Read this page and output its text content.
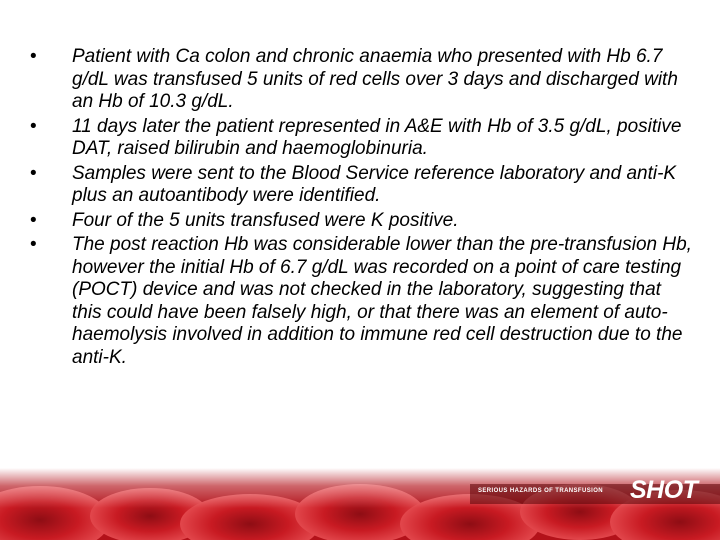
• Patient with Ca colon and chronic anaemia who presented with Hb 6.7 g/dL was transfused 5 units of red cells over 3 days and discharged with an Hb of 10.3 g/dL.
• 11 days later the patient represented in A&E with Hb of 3.5 g/dL, positive DAT, raised bilirubin and haemoglobinuria.
• Samples were sent to the Blood Service reference laboratory and anti-K plus an autoantibody were identified.
• Four of the 5 units transfused were K positive.
• The post reaction Hb was considerable lower than the pre-transfusion Hb, however the initial Hb of 6.7 g/dL was recorded on a point of care testing (POCT) device and was not checked in the laboratory, suggesting that this could have been falsely high, or that there was an element of auto-haemolysis involved in addition to immune red cell destruction due to the anti-K.
SERIOUS HAZARDS OF TRANSFUSION SHOT
